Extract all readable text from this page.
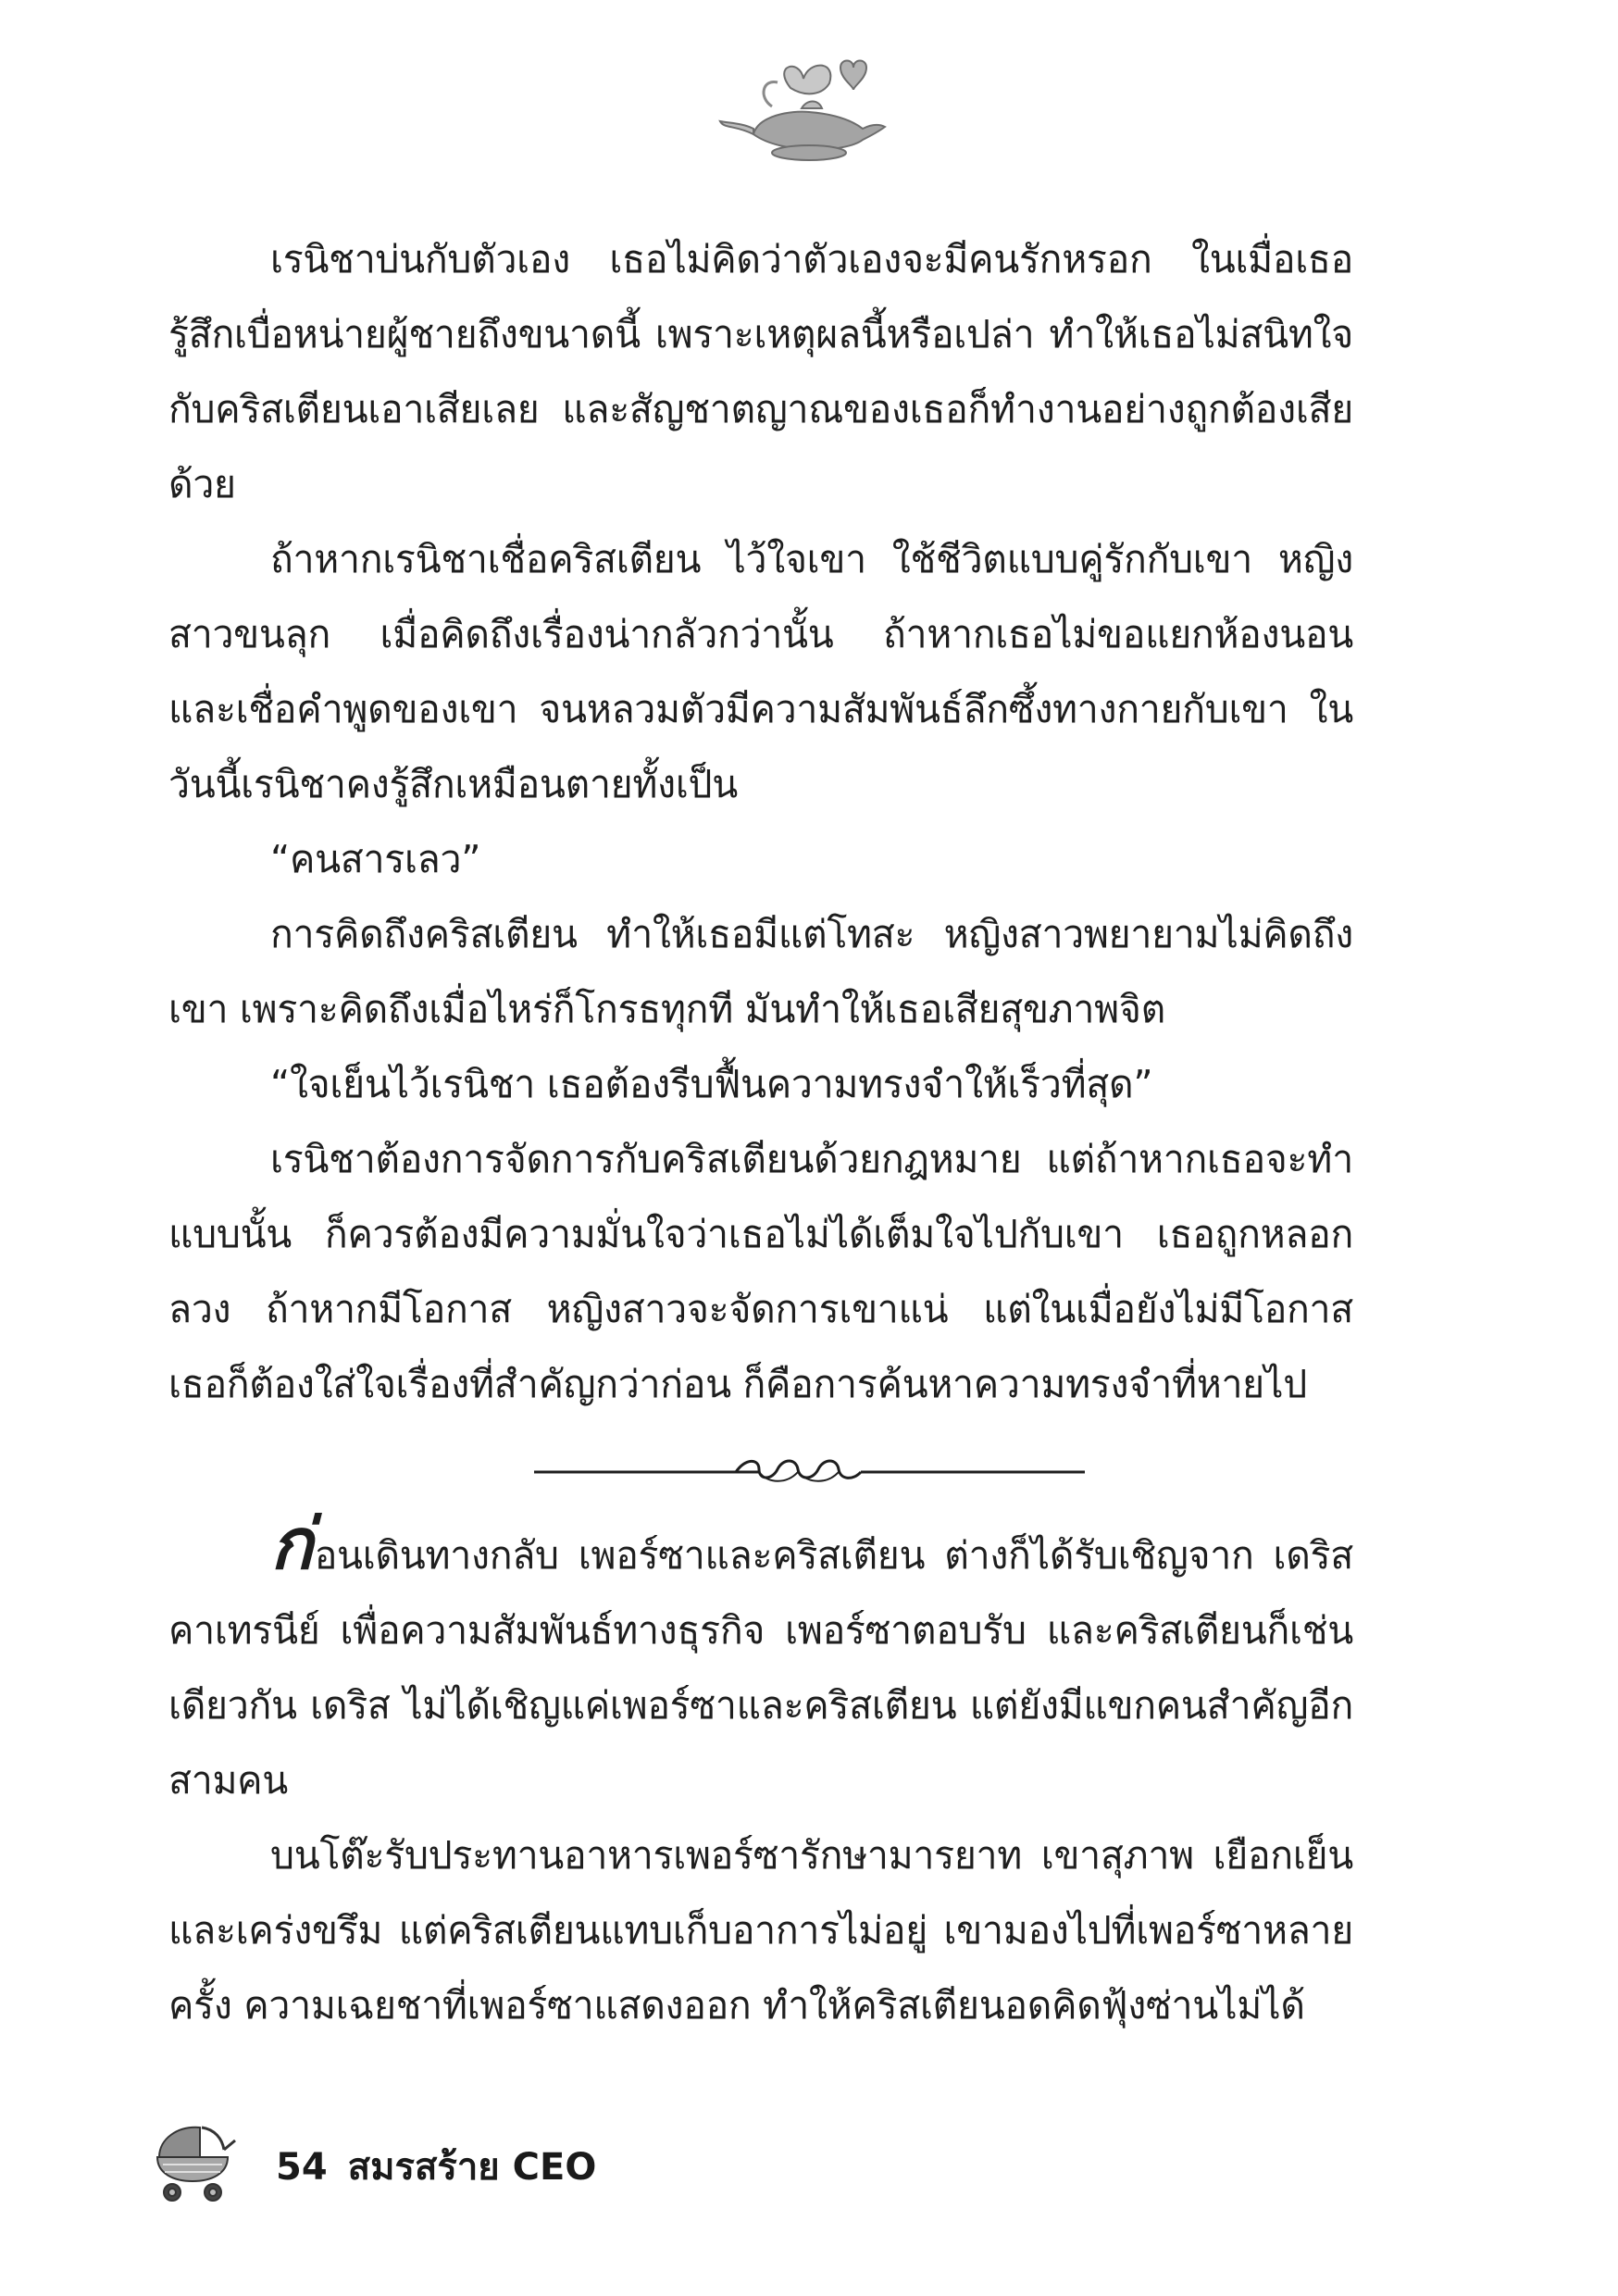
เรนิชาบ่นกับตัวเอง เธอไม่คิดว่าตัวเองจะมีคนรักหรอก ในเมื่อเธอรู้สึกเบื่อหน่ายผู้ชายถึงขนาดนี้ เพราะเหตุผลนี้หรือเปล่า ทำให้เธอไม่สนิทใจกับคริสเตียนเอาเสียเลย และสัญชาตญาณของเธอก็ทำงานอย่างถูกต้องเสียด้วย

ถ้าหากเรนิชาเชื่อคริสเตียน ไว้ใจเขา ใช้ชีวิตแบบคู่รักกับเขา หญิงสาวขนลุก เมื่อคิดถึงเรื่องน่ากลัวกว่านั้น ถ้าหากเธอไม่ขอแยกห้องนอน และเชื่อคำพูดของเขา จนหลวมตัวมีความสัมพันธ์ลึกซึ้งทางกายกับเขา ในวันนี้เรนิชาคงรู้สึกเหมือนตายทั้งเป็น

“คนสารเลว”

การคิดถึงคริสเตียน ทำให้เธอมีแต่โทสะ หญิงสาวพยายามไม่คิดถึงเขา เพราะคิดถึงเมื่อไหร่ก็โกรธทุกที มันทำให้เธอเสียสุขภาพจิต

“ใจเย็นไว้เรนิชา เธอต้องรีบฟื้นความทรงจำให้เร็วที่สุด”

เรนิชาต้องการจัดการกับคริสเตียนด้วยกฎหมาย แต่ถ้าหากเธอจะทำแบบนั้น ก็ควรต้องมีความมั่นใจว่าเธอไม่ได้เต็มใจไปกับเขา เธอถูกหลอกลวง ถ้าหากมีโอกาส หญิงสาวจะจัดการเขาแน่ แต่ในเมื่อยังไม่มีโอกาส เธอก็ต้องใส่ใจเรื่องที่สำคัญกว่าก่อน ก็คือการค้นหาความทรงจำที่หายไป

ก่อนเดินทางกลับ เพอร์ซาและคริสเตียน ต่างก็ได้รับเชิญจาก เดริส คาเทรนีย์ เพื่อความสัมพันธ์ทางธุรกิจ เพอร์ซาตอบรับ และคริสเตียนก็เช่นเดียวกัน เดริส ไม่ได้เชิญแค่เพอร์ซาและคริสเตียน แต่ยังมีแขกคนสำคัญอีกสามคน

บนโต๊ะรับประทานอาหารเพอร์ซารักษามารยาท เขาสุภาพ เยือกเย็นและเคร่งขรึม แต่คริสเตียนแทบเก็บอาการไม่อยู่ เขามองไปที่เพอร์ซาหลายครั้ง ความเฉยชาที่เพอร์ซาแสดงออก ทำให้คริสเตียนอดคิดฟุ้งซ่านไม่ได้

54 สมรสร้าย CEO
